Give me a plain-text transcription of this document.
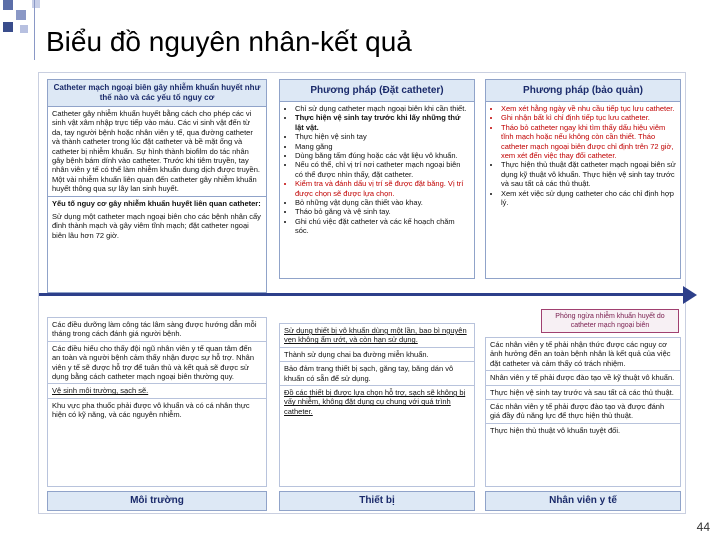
Biểu đồ nguyên nhân-kết quả
Catheter mạch ngoại biên gây nhiễm khuẩn huyết như thế nào và các yếu tố nguy cơ
Catheter gây nhiễm khuẩn huyết bằng cách cho phép các vi sinh vật xâm nhập trực tiếp vào máu. Các vi sinh vật đến từ da, tay người bệnh hoặc nhân viên y tế, qua đường catheter và thành catheter trong lúc đặt catheter và bề mặt ống và catheter bị nhiễm khuẩn. Sự hình thành biofilm do tác nhân gây bệnh bám dính vào catheter. Trước khi tiêm truyền, tay nhân viên y tế có thể làm nhiễm khuẩn dung dịch được truyền. Một vài nhiễm khuẩn liên quan đến catheter gây nhiễm khuẩn huyết thông qua sự lây lan sinh huyết.
Yếu tố nguy cơ gây nhiễm khuẩn huyết liên quan catheter:
Sử dụng một catheter mạch ngoại biên cho các bệnh nhân cấy đỉnh thành mạch và gây viêm tĩnh mạch; đặt catheter ngoại biên lâu hơn 72 giờ.
Phương pháp (Đặt catheter)
• Chỉ sử dụng catheter mạch ngoại biên khi cần thiết.
• Thực hiện vệ sinh tay trước khi lấy những thứ lật vật.
• Thực hiện vệ sinh tay
• Mang găng
• Dùng băng tấm đúng hoặc các vật liệu vô khuẩn.
• Nếu có thể, chỉ vị trí nơi catheter mạch ngoại biên có thể được nhìn thấy, đặt catheter.
• Kiểm tra và đánh dấu vị trí sẽ được đặt băng. Vị trí được chọn sẽ được lựa chọn.
• Bỏ những vật dụng cần thiết vào khay.
• Tháo bỏ găng và vệ sinh tay.
• Ghi chú việc đặt catheter và các kế hoạch chăm sóc.
Phương pháp (bảo quản)
• Xem xét hằng ngày về nhu cầu tiếp tục lưu catheter.
• Ghi nhận bất kì chỉ định tiếp tục lưu catheter.
• Tháo bỏ catheter ngay khi tìm thấy dấu hiệu viêm tĩnh mạch hoặc nếu không còn cần thiết. Tháo catheter mạch ngoại biên được chỉ định trên 72 giờ, xem xét đến việc thay đổi catheter.
• Thực hiện thủ thuật đặt catheter mạch ngoại biên sử dụng kỹ thuật vô khuẩn. Thực hiện vệ sinh tay trước và sau tất cả các thủ thuật.
• Xem xét việc sử dụng catheter cho các chỉ định hợp lý.
Phòng ngừa nhiễm khuẩn huyết do catheter mạch ngoại biên
Các điều dưỡng làm công tác lâm sàng được hướng dẫn mỗi tháng trong cách đánh giá người bệnh.
Các điều hiểu cho thấy đội ngũ nhân viên y tế quan tâm đến an toàn và người bệnh cảm thấy nhận được sự hỗ trợ. Nhân viên y tế sẽ được hỗ trợ để tuân thủ và kết quả sẽ được sử dụng bằng cách catheter mạch ngoại biên thường quy.
Vệ sinh môi trường, sạch sẽ.
Khu vực pha thuốc phải được vô khuẩn và có cá nhân thực hiện có kỹ năng, và các nguyên nhiễm.
Sử dụng thiết bị vô khuẩn dùng một lần, bao bì nguyên vẹn không ẩm ướt, và còn hạn sử dụng.
Thành sử dụng chai ba đường miễn khuẩn.
Bảo đảm trang thiết bị sạch, găng tay, băng dán vô khuẩn có sẵn để sử dụng.
Đồ các thiết bị được lựa chọn hỗ trợ, sạch sẽ không bị vấy nhiễm, không đặt dụng cụ chung với quá trình catheter.
Các nhân viên y tế phải nhận thức được các nguy cơ ảnh hưởng đến an toàn bệnh nhân là kết quả của việc đặt catheter và cảm thấy có trách nhiệm.
Nhân viên y tế phải được đào tạo về kỹ thuật vô khuẩn.
Thực hiện vệ sinh tay trước và sau tất cả các thủ thuật.
Các nhân viên y tế phải được đào tạo và được đánh giá đầy đủ năng lực để thực hiện thủ thuật.
Thực hiện thủ thuật vô khuẩn tuyệt đối.
Môi trường	Thiết bị	Nhân viên y tế
44
